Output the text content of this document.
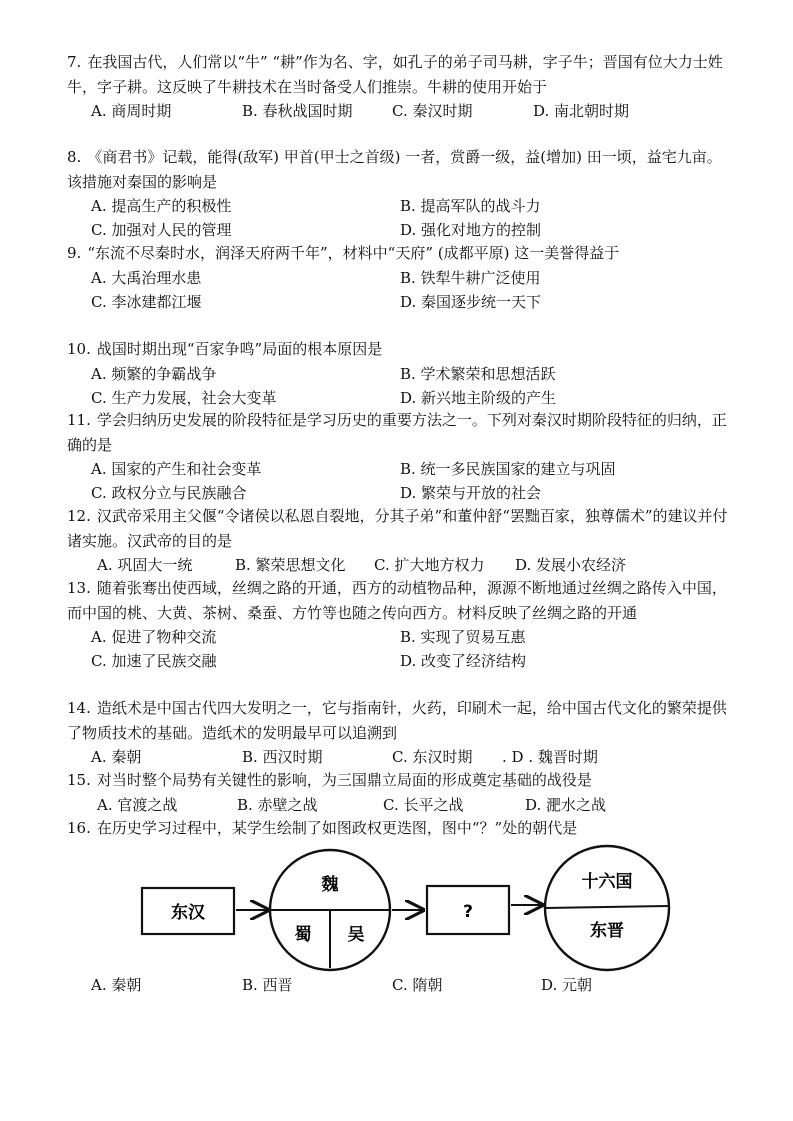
7. 在我国古代，人们常以“牛” “耕”作为名、字，如孔子的弟子司马耕，字子牛；晋国有位大力士姓牛，字子耕。这反映了牛耕技术在当时备受人们推崇。牛耕的使用开始于

A. 商周时期	B. 春秋战国时期	C. 秦汉时期	D. 南北朝时期

8. 《商君书》记载，能得(敌军) 甲首(甲士之首级) 一者，赏爵一级，益(增加) 田一顷，益宅九亩。该措施对秦国的影响是

A. 提高生产的积极性	B. 提高军队的战斗力
C. 加强对人民的管理	D. 强化对地方的控制

9. “东流不尽秦时水，润泽天府两千年”，材料中“天府” (成都平原) 这一美誉得益于

A. 大禹治理水患	B. 铁犁牛耕广泛使用
C. 李冰建都江堰	D. 秦国逐步统一天下

10. 战国时期出现“百家争鸣”局面的根本原因是

A. 频繁的争霸战争	B. 学术繁荣和思想活跃
C. 生产力发展，社会大变革	D. 新兴地主阶级的产生

11. 学会归纳历史发展的阶段特征是学习历史的重要方法之一。下列对秦汉时期阶段特征的归纳，正确的是

A. 国家的产生和社会变革	B. 统一多民族国家的建立与巩固
C. 政权分立与民族融合	D. 繁荣与开放的社会

12. 汉武帝采用主父偃“令诸侯以私恩自裂地，分其子弟”和董仲舒“罢黜百家，独尊儒术”的建议并付诸实施。汉武帝的目的是

A. 巩固大一统	B. 繁荣思想文化 C. 扩大地方权力 D. 发展小农经济

13. 随着张骞出使西域，丝绸之路的开通，西方的动植物品种，源源不断地通过丝绸之路传入中国，而中国的桃、大黄、茶树、桑蚕、方竹等也随之传向西方。材料反映了丝绸之路的开通

A. 促进了物种交流	B. 实现了贸易互惠
C. 加速了民族交融	D. 改变了经济结构

14. 造纸术是中国古代四大发明之一，它与指南针，火药，印刷术一起，给中国古代文化的繁荣提供了物质技术的基础。造纸术的发明最早可以追溯到

A. 秦朝	B. 西汉时期	C. 东汉时期 . D . 魏晋时期

15. 对当时整个局势有关键性的影响，为三国鼎立局面的形成奠定基础的战役是

A. 官渡之战	B. 赤壁之战	C. 长平之战	D. 淝水之战

16. 在历史学习过程中，某学生绘制了如图政权更迭图，图中“？”处的朝代是

东汉
魏
蜀 吴
?
十六国
东晋
A. 秦朝	B. 西晋	C. 隋朝	D. 元朝
